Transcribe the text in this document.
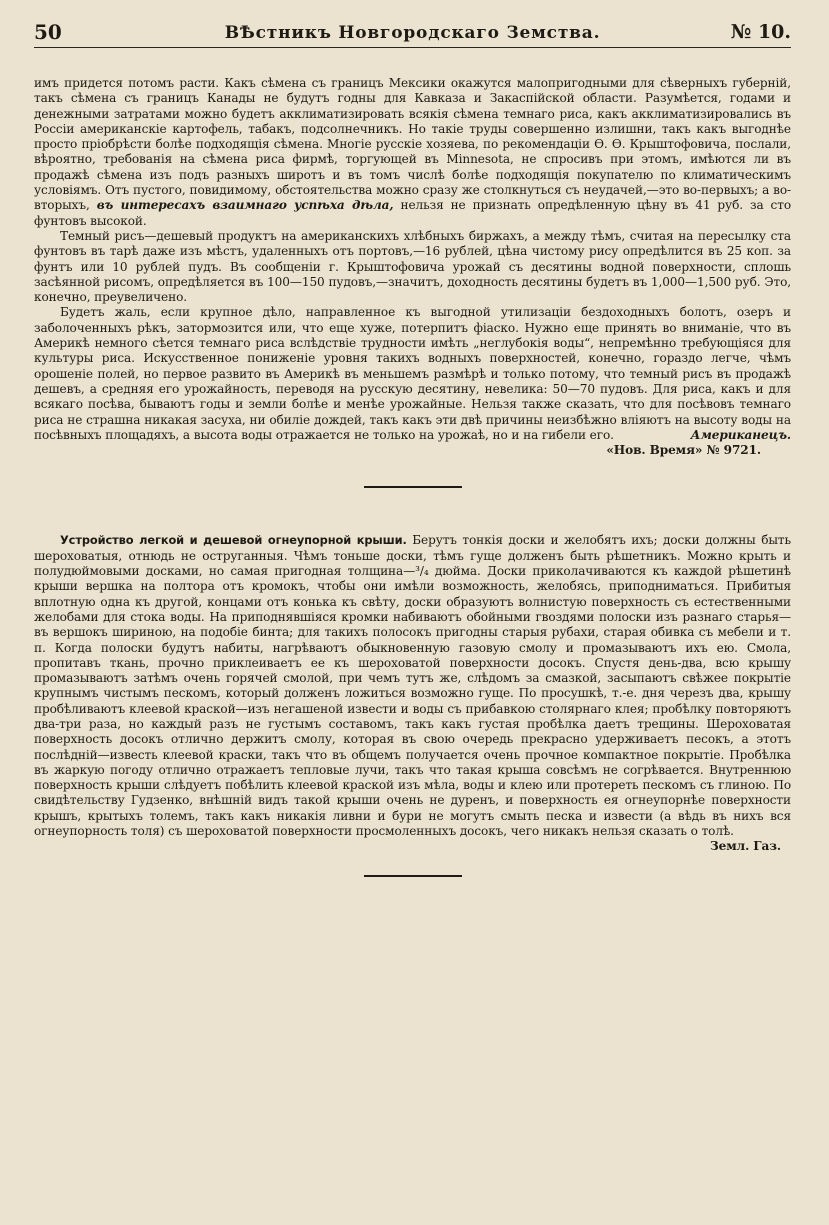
50	ВѢстникъ Новгородскаго Земства.	№ 10.

имъ придется потомъ расти. Какъ сѣмена съ границъ Мексики окажутся малопригодными для сѣверныхъ губерній, такъ сѣмена съ границъ Канады не будутъ годны для Кавказа и Закаспійской области. Разумѣется, годами и денежными затратами можно будетъ акклиматизировать всякія сѣмена темнаго риса, какъ акклиматизировались въ Россіи американскіе картофель, табакъ, подсолнечникъ. Но такіе труды совершенно излишни, такъ какъ выгоднѣе просто пріобрѣсти болѣе подходящія сѣмена. Многіе русскіе хозяева, по рекомендаціи Ѳ. Ѳ. Крыштофовича, послали, вѣроятно, требованія на сѣмена риса фирмѣ, торгующей въ Minnesota, не спросивъ при этомъ, имѣются ли въ продажѣ сѣмена изъ подъ разныхъ широтъ и въ томъ числѣ болѣе подходящія покупателю по климатическимъ условіямъ. Отъ пустого, повидимому, обстоятельства можно сразу же столкнуться съ неудачей,—это во-первыхъ; а во-вторыхъ, въ интересахъ взаимнаго успѣха дѣла, нельзя не признать опредѣленную цѣну въ 41 руб. за сто фунтовъ высокой.

Темный рисъ—дешевый продуктъ на американскихъ хлѣбныхъ биржахъ, а между тѣмъ, считая на пересылку ста фунтовъ въ тарѣ даже изъ мѣстъ, удаленныхъ отъ портовъ,—16 рублей, цѣна чистому рису опредѣлится въ 25 коп. за фунтъ или 10 рублей пудъ. Въ сообщеніи г. Крыштофовича урожай съ десятины водной поверхности, сплошь засѣянной рисомъ, опредѣляется въ 100—150 пудовъ,—значитъ, доходность десятины будетъ въ 1,000—1,500 руб. Это, конечно, преувеличено.

Будетъ жаль, если крупное дѣло, направленное къ выгодной утилизаціи бездоходныхъ болотъ, озеръ и заболоченныхъ рѣкъ, затормозится или, что еще хуже, потерпитъ фіаско. Нужно еще принять во вниманіе, что въ Америкѣ немного сѣется темнаго риса вслѣдствіе трудности имѣть „неглубокія воды“, непремѣнно требующіяся для культуры риса. Искусственное пониженіе уровня такихъ водныхъ поверхностей, конечно, гораздо легче, чѣмъ орошеніе полей, но первое развито въ Америкѣ въ меньшемъ размѣрѣ и только потому, что темный рисъ въ продажѣ дешевъ, а средняя его урожайность, переводя на русскую десятину, невелика: 50—70 пудовъ. Для риса, какъ и для всякаго посѣва, бываютъ годы и земли болѣе и менѣе урожайные. Нельзя также сказать, что для посѣвовъ темнаго риса не страшна никакая засуха, ни обиліе дождей, такъ какъ эти двѣ причины неизбѣжно вліяютъ на высоту воды на посѣвныхъ площадяхъ, а высота воды отражается не только на урожаѣ, но и на гибели его.	Американецъ.

«Нов. Время» № 9721.

Устройство легкой и дешевой огнеупорной крыши. Берутъ тонкія доски и желобятъ ихъ; доски должны быть шероховатыя, отнюдь не оструганныя. Чѣмъ тоньше доски, тѣмъ гуще долженъ быть рѣшетникъ. Можно крыть и полудюймовыми досками, но самая пригодная толщина—³/₄ дюйма. Доски приколачиваются къ каждой рѣшетинѣ крыши вершка на полтора отъ кромокъ, чтобы они имѣли возможность, желобясь, приподниматься. Прибитыя вплотную одна къ другой, концами отъ конька къ свѣту, доски образуютъ волнистую поверхность съ естественными желобами для стока воды. На приподнявшіяся кромки набиваютъ обойными гвоздями полоски изъ разнаго старья—въ вершокъ шириною, на подобіе бинта; для такихъ полосокъ пригодны старыя рубахи, старая обивка съ мебели и т. п. Когда полоски будутъ набиты, нагрѣваютъ обыкновенную газовую смолу и промазываютъ ихъ ею. Смола, пропитавъ ткань, прочно приклеиваетъ ее къ шероховатой поверхности досокъ. Спустя день-два, всю крышу промазываютъ затѣмъ очень горячей смолой, при чемъ тутъ же, слѣдомъ за смазкой, засыпаютъ свѣжее покрытіе крупнымъ чистымъ пескомъ, который долженъ ложиться возможно гуще. По просушкѣ, т.-е. дня черезъ два, крышу пробѣливаютъ клеевой краской—изъ негашеной извести и воды съ прибавкою столярнаго клея; пробѣлку повторяютъ два-три раза, но каждый разъ не густымъ составомъ, такъ какъ густая пробѣлка даетъ трещины. Шероховатая поверхность досокъ отлично держитъ смолу, которая въ свою очередь прекрасно удерживаетъ песокъ, а этотъ послѣдній—известь клеевой краски, такъ что въ общемъ получается очень прочное компактное покрытіе. Пробѣлка въ жаркую погоду отлично отражаетъ тепловые лучи, такъ что такая крыша совсѣмъ не согрѣвается. Внутреннюю поверхность крыши слѣдуетъ побѣлить клеевой краской изъ мѣла, воды и клею или протереть пескомъ съ глиною. По свидѣтельству Гудзенко, внѣшній видъ такой крыши очень не дуренъ, и поверхность ея огнеупорнѣе поверхности крышъ, крытыхъ толемъ, такъ какъ никакія ливни и бури не могутъ смыть песка и извести (а вѣдь въ нихъ вся огнеупорность толя) съ шероховатой поверхности просмоленныхъ досокъ, чего никакъ нельзя сказать о толѣ.
Земл. Газ.
